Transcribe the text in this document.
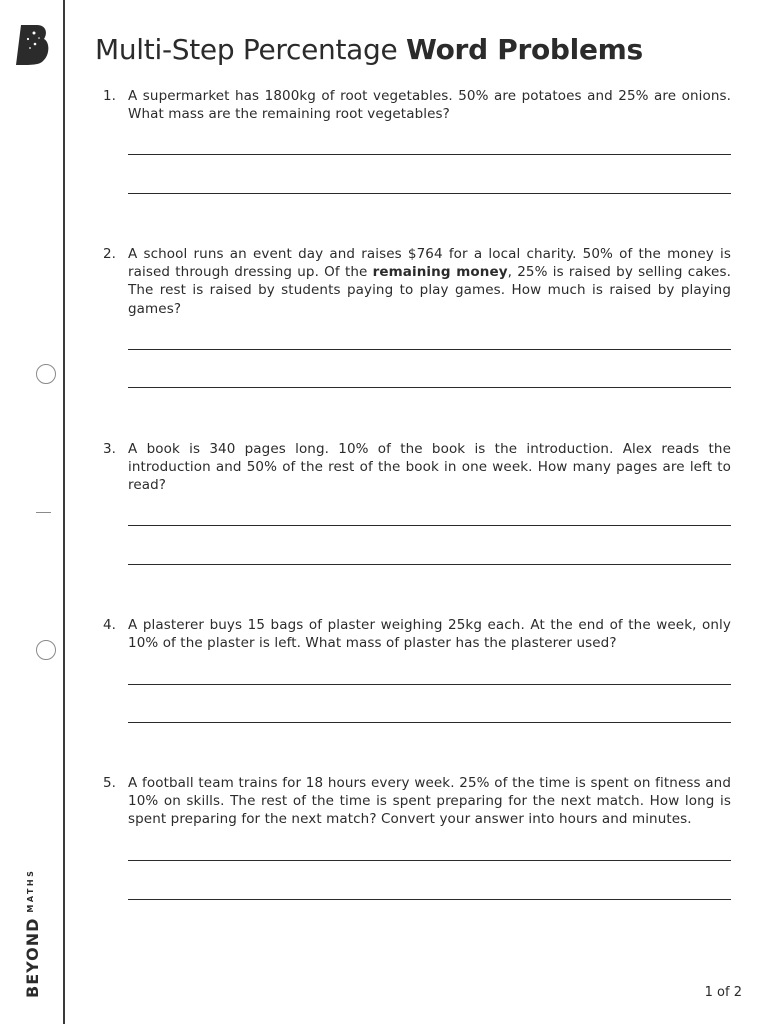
$BEYOND^{MATHS}$
Multi-Step Percentage Word Problems
1. A supermarket has 1800kg of root vegetables. 50% are potatoes and 25% are onions. What mass are the remaining root vegetables?
2. A school runs an event day and raises $764 for a local charity. 50% of the money is raised through dressing up. Of the remaining money, 25% is raised by selling cakes. The rest is raised by students paying to play games. How much is raised by playing games?
3. A book is 340 pages long. 10% of the book is the introduction. Alex reads the introduction and 50% of the rest of the book in one week. How many pages are left to read?
4. A plasterer buys 15 bags of plaster weighing 25kg each. At the end of the week, only 10% of the plaster is left. What mass of plaster has the plasterer used?
5. A football team trains for 18 hours every week. 25% of the time is spent on fitness and 10% on skills. The rest of the time is spent preparing for the next match. How long is spent preparing for the next match? Convert your answer into hours and minutes.
1 of 2
